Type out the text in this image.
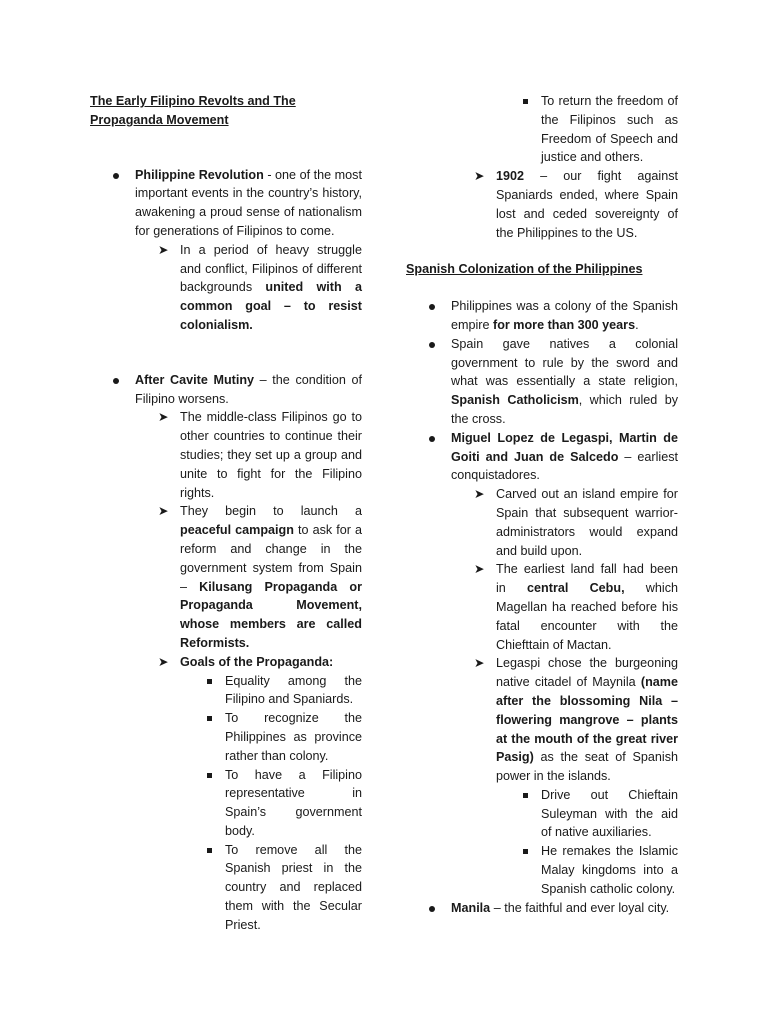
The Early Filipino Revolts and The Propaganda Movement
Philippine Revolution - one of the most important events in the country’s history, awakening a proud sense of nationalism for generations of Filipinos to come.
➤ In a period of heavy struggle and conflict, Filipinos of different backgrounds united with a common goal – to resist colonialism.
After Cavite Mutiny – the condition of Filipino worsens.
➤ The middle-class Filipinos go to other countries to continue their studies; they set up a group and unite to fight for the Filipino rights.
➤ They begin to launch a peaceful campaign to ask for a reform and change in the government system from Spain – Kilusang Propaganda or Propaganda Movement, whose members are called Reformists.
➤ Goals of the Propaganda:
Equality among the Filipino and Spaniards.
To recognize the Philippines as province rather than colony.
To have a Filipino representative in Spain’s government body.
To remove all the Spanish priest in the country and replaced them with the Secular Priest.
To return the freedom of the Filipinos such as Freedom of Speech and justice and others.
➤ 1902 – our fight against Spaniards ended, where Spain lost and ceded sovereignty of the Philippines to the US.
Spanish Colonization of the Philippines
Philippines was a colony of the Spanish empire for more than 300 years.
Spain gave natives a colonial government to rule by the sword and what was essentially a state religion, Spanish Catholicism, which ruled by the cross.
Miguel Lopez de Legaspi, Martin de Goiti and Juan de Salcedo – earliest conquistadores.
➤ Carved out an island empire for Spain that subsequent warrior-administrators would expand and build upon.
➤ The earliest land fall had been in central Cebu, which Magellan ha reached before his fatal encounter with the Chiefttain of Mactan.
➤ Legaspi chose the burgeoning native citadel of Maynila (name after the blossoming Nila – flowering mangrove – plants at the mouth of the great river Pasig) as the seat of Spanish power in the islands.
Drive out Chieftain Suleyman with the aid of native auxiliaries.
He remakes the Islamic Malay kingdoms into a Spanish catholic colony.
Manila – the faithful and ever loyal city.
